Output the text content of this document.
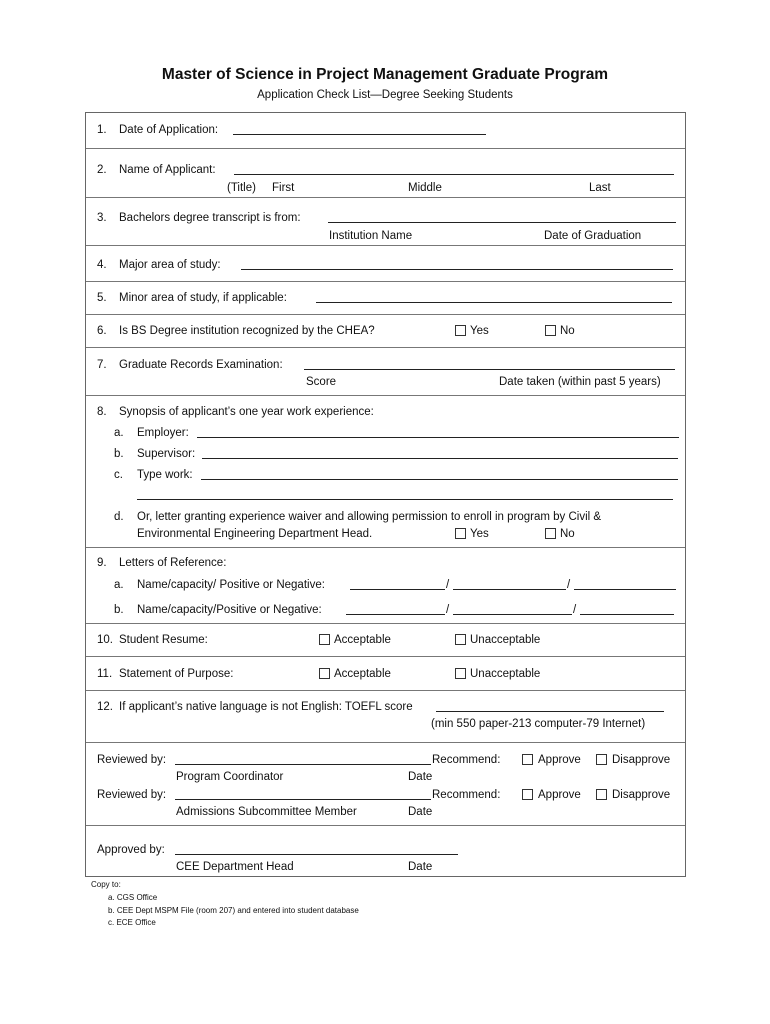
Master of Science in Project Management Graduate Program
Application Check List—Degree Seeking Students
1. Date of Application:
2. Name of Applicant:
(Title) First	Middle	Last
3. Bachelors degree transcript is from:
Institution Name	Date of Graduation
4. Major area of study:
5. Minor area of study, if applicable:
6. Is BS Degree institution recognized by the CHEA?	Yes	No
7. Graduate Records Examination:
Score	Date taken (within past 5 years)
8. Synopsis of applicant’s one year work experience:
a. Employer:
b. Supervisor:
c. Type work:
d. Or, letter granting experience waiver and allowing permission to enroll in program by Civil &
Environmental Engineering Department Head.	Yes	No
9. Letters of Reference:
a. Name/capacity/ Positive or Negative:	/	/
b. Name/capacity/Positive or Negative:	/	/
10. Student Resume:	Acceptable	Unacceptable
11. Statement of Purpose:	Acceptable	Unacceptable
12. If applicant’s native language is not English: TOEFL score
(min 550 paper-213 computer-79 Internet)
Reviewed by:	Recommend:	Approve	Disapprove
Program Coordinator	Date
Reviewed by:	Recommend:	Approve	Disapprove
Admissions Subcommittee Member	Date
Approved by:
CEE Department Head	Date
Copy to:
a. CGS Office
b. CEE Dept MSPM File (room 207) and entered into student database
c. ECE Office
